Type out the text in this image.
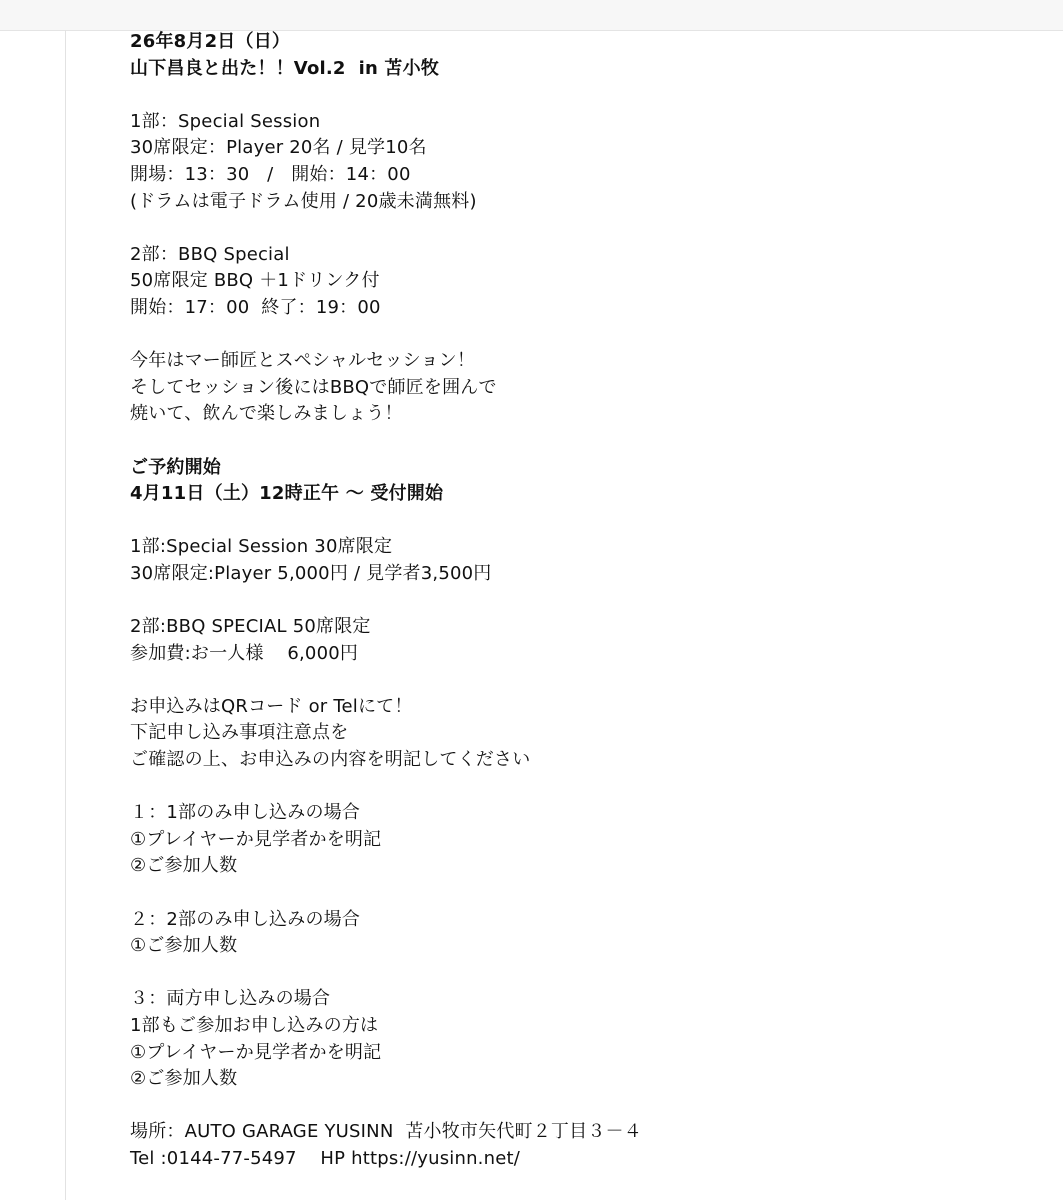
26年8月2日（日）
山下昌良と出た！！Vol.2  in 苫小牧
1部：Special Session
30席限定：Player 20名 / 見学10名
開場：13：30   /   開始：14：00
(ドラムは電子ドラム使用 / 20歳未満無料)
2部：BBQ Special
50席限定 BBQ ＋1ドリンク付
開始：17：00  終了：19：00
今年はマー師匠とスペシャルセッション！
そしてセッション後にはBBQで師匠を囲んで
焼いて、飲んで楽しみましょう！
ご予約開始
4月11日（土）12時正午 〜 受付開始
1部:Special Session 30席限定
30席限定:Player 5,000円 / 見学者3,500円
2部:BBQ SPECIAL 50席限定
参加費:お一人様    6,000円
お申込みはQRコード or Telにて！
下記申し込み事項注意点を
ご確認の上、お申込みの内容を明記してください
１：1部のみ申し込みの場合
①プレイヤーか見学者かを明記
②ご参加人数
２：2部のみ申し込みの場合
①ご参加人数
３：両方申し込みの場合
1部もご参加お申し込みの方は
①プレイヤーか見学者かを明記
②ご参加人数
場所：AUTO GARAGE YUSINN  苫小牧市矢代町２丁目３－４
Tel :0144-77-5497    HP https://yusinn.net/
